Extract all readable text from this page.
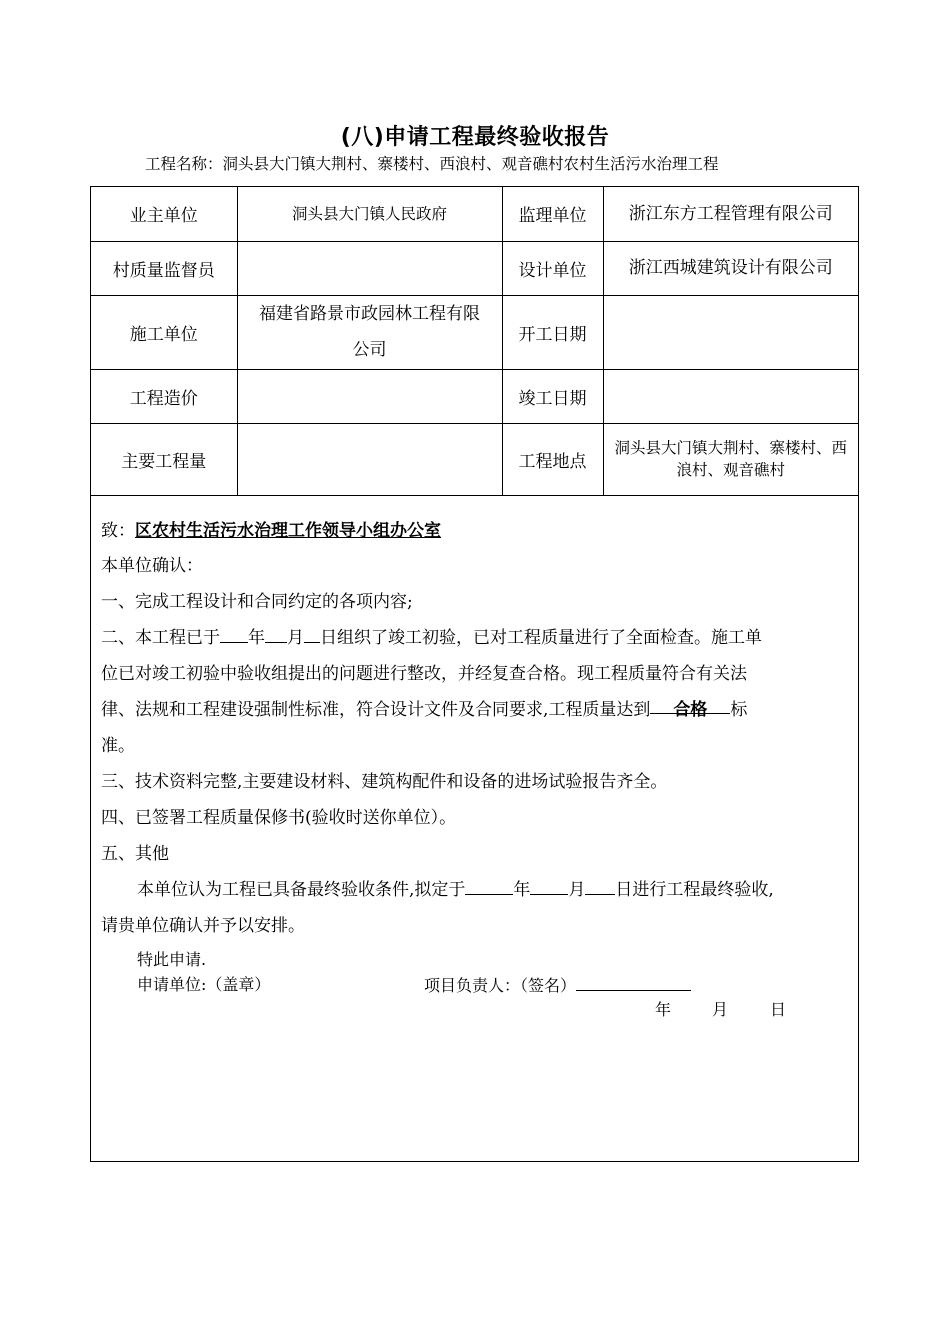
(八)申请工程最终验收报告
工程名称：洞头县大门镇大荆村、寨楼村、西浪村、观音礁村农村生活污水治理工程
业主单位	洞头县大门镇人民政府	监理单位	浙江东方工程管理有限公司
村质量监督员		设计单位	浙江西城建筑设计有限公司
施工单位	福建省路景市政园林工程有限公司	开工日期	
工程造价		竣工日期	
主要工程量		工程地点	洞头县大门镇大荆村、寨楼村、西浪村、观音礁村
致：区农村生活污水治理工作领导小组办公室
本单位确认：
一、完成工程设计和合同约定的各项内容;
二、本工程已于 年 月 日组织了竣工初验，已对工程质量进行了全面检查。施工单
位已对竣工初验中验收组提出的问题进行整改，并经复查合格。现工程质量符合有关法
律、法规和工程建设强制性标准，符合设计文件及合同要求,工程质量达到 合格 标
准。
三、技术资料完整,主要建设材料、建筑构配件和设备的进场试验报告齐全。
四、已签署工程质量保修书(验收时送你单位）。
五、其他
本单位认为工程已具备最终验收条件,拟定于	年 月 日进行工程最终验收,
请贵单位确认并予以安排。
特此申请.
申请单位:（盖章）	项目负责人：（签名）
年	月	日
